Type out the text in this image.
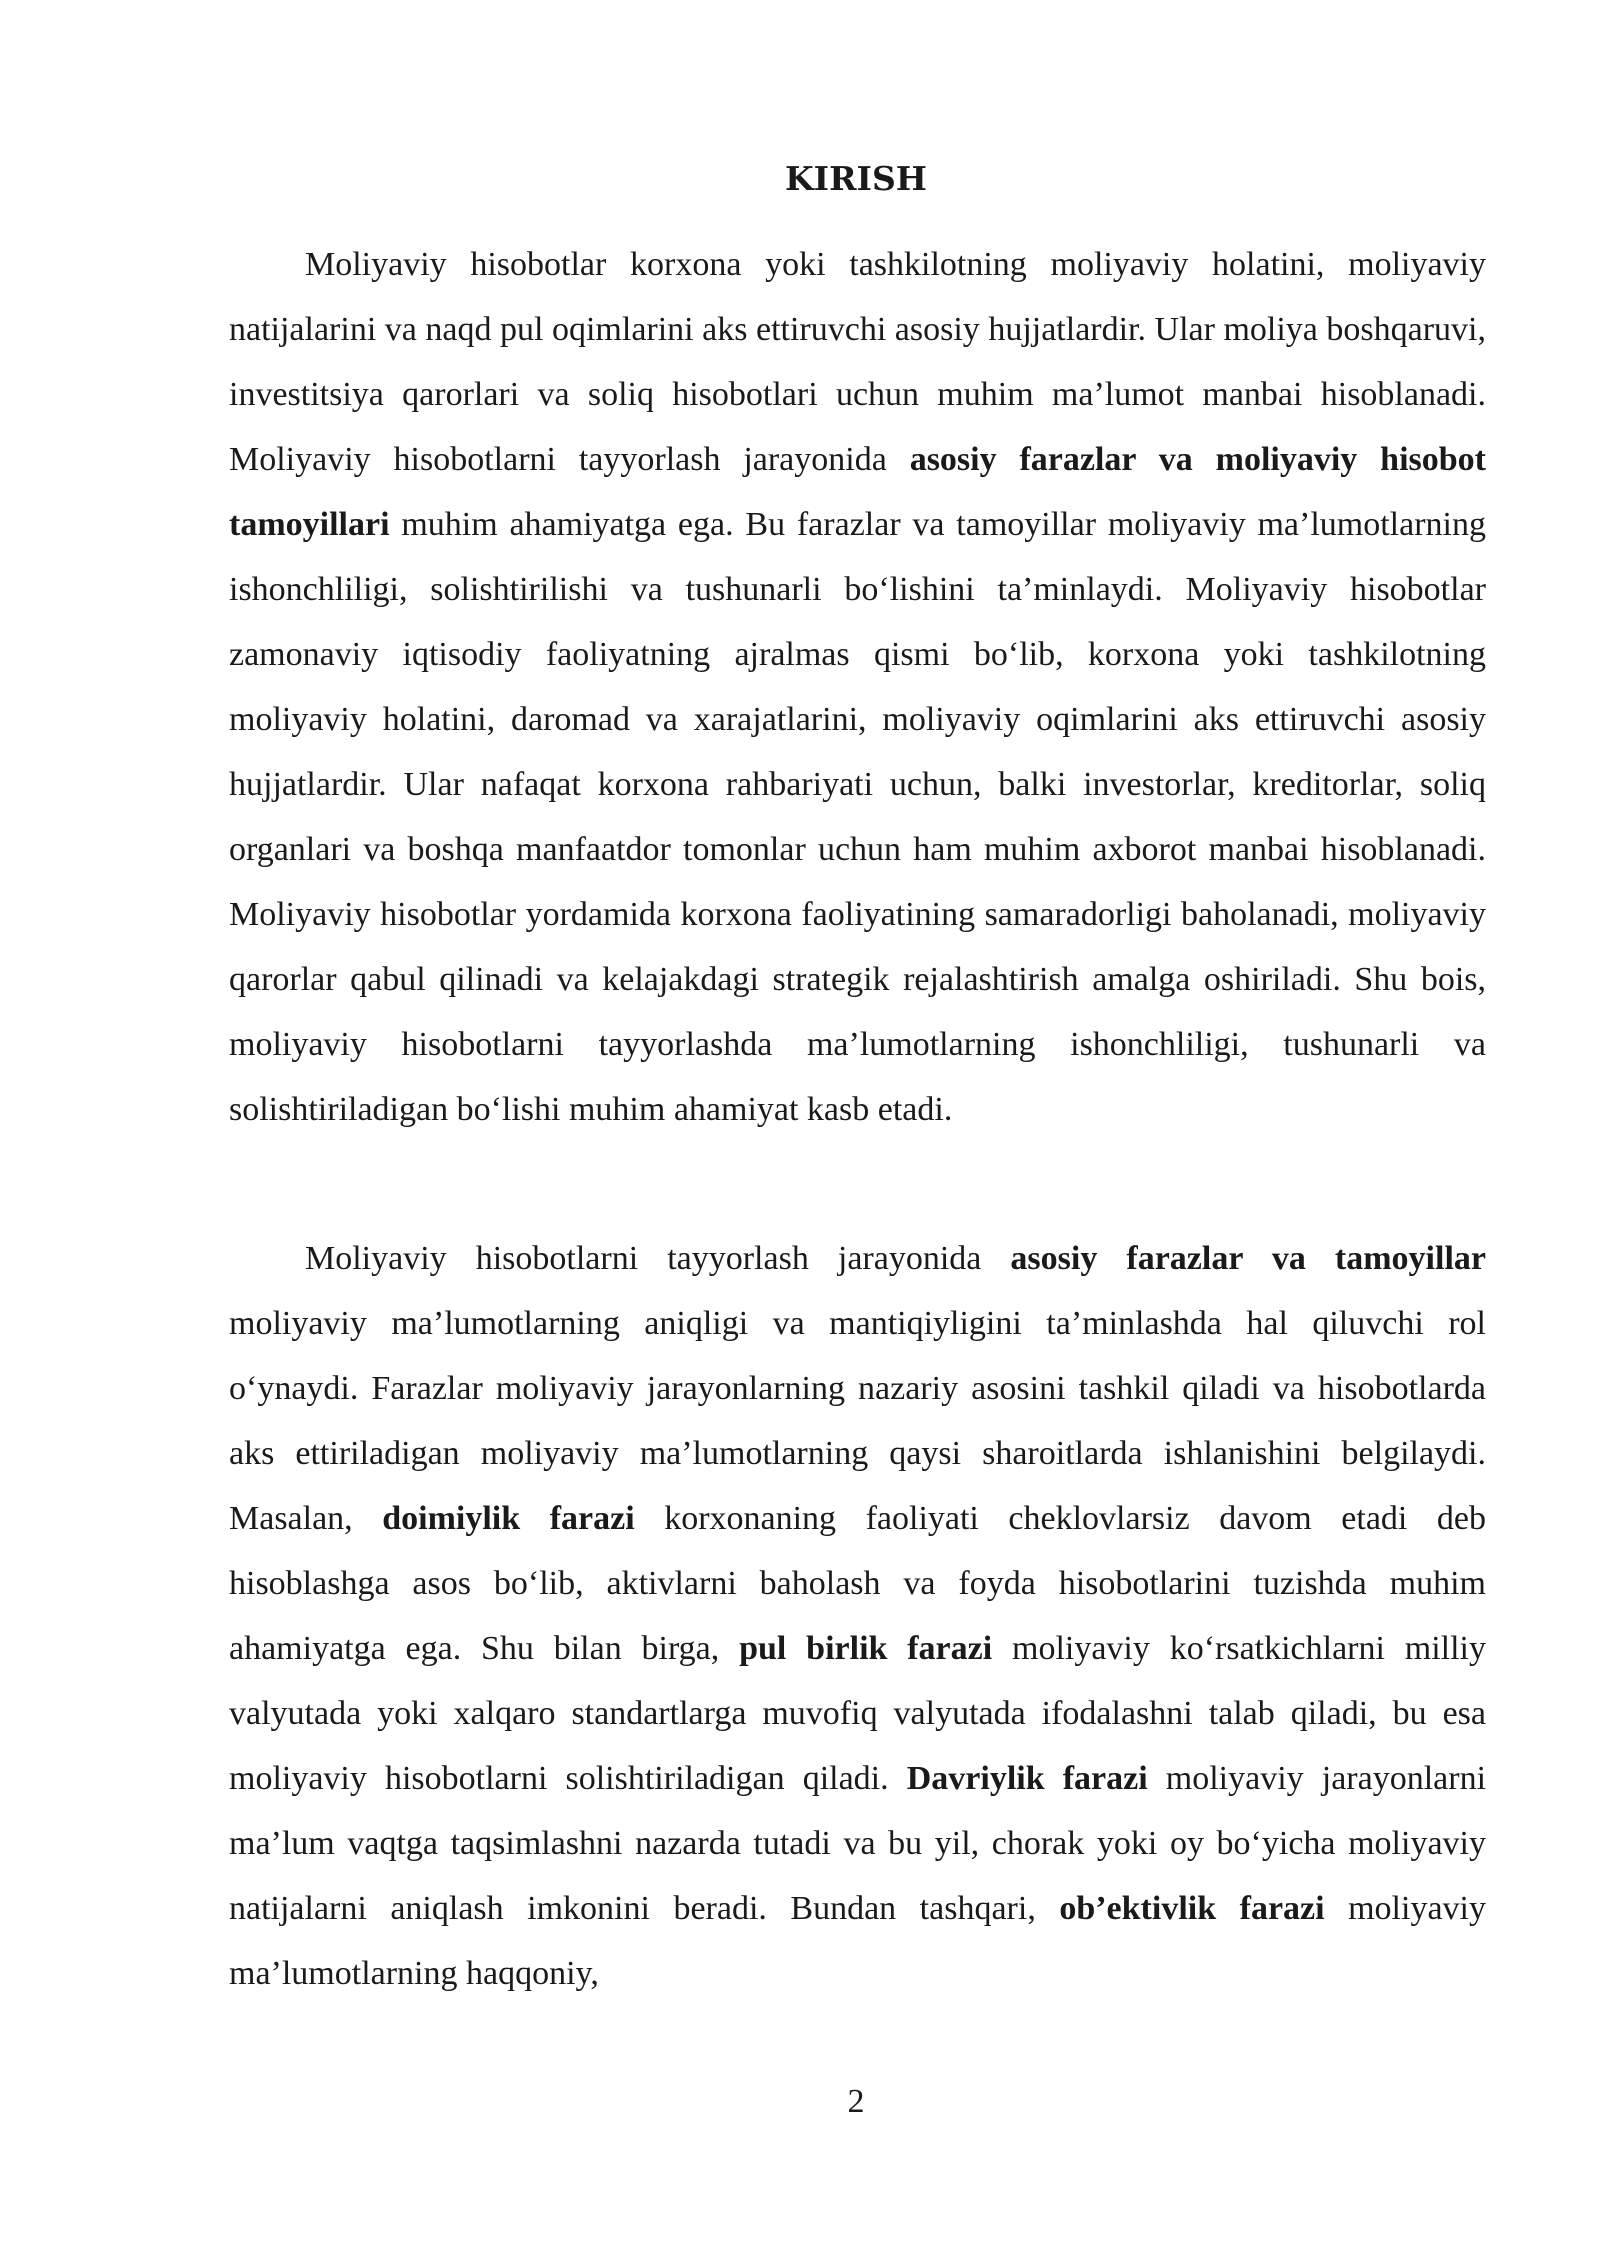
KIRISH

Moliyaviy hisobotlar korxona yoki tashkilotning moliyaviy holatini, moliyaviy natijalarini va naqd pul oqimlarini aks ettiruvchi asosiy hujjatlardir. Ular moliya boshqaruvi, investitsiya qarorlari va soliq hisobotlari uchun muhim ma’lumot manbai hisoblanadi. Moliyaviy hisobotlarni tayyorlash jarayonida asosiy farazlar va moliyaviy hisobot tamoyillari muhim ahamiyatga ega. Bu farazlar va tamoyillar moliyaviy ma’lumotlarning ishonchliligi, solishtirilishi va tushunarli bo‘lishini ta’minlaydi. Moliyaviy hisobotlar zamonaviy iqtisodiy faoliyatning ajralmas qismi bo‘lib, korxona yoki tashkilotning moliyaviy holatini, daromad va xarajatlarini, moliyaviy oqimlarini aks ettiruvchi asosiy hujjatlardir. Ular nafaqat korxona rahbariyati uchun, balki investorlar, kreditorlar, soliq organlari va boshqa manfaatdor tomonlar uchun ham muhim axborot manbai hisoblanadi. Moliyaviy hisobotlar yordamida korxona faoliyatining samaradorligi baholanadi, moliyaviy qarorlar qabul qilinadi va kelajakdagi strategik rejalashtirish amalga oshiriladi. Shu bois, moliyaviy hisobotlarni tayyorlashda ma’lumotlarning ishonchliligi, tushunarli va solishtiriladigan bo‘lishi muhim ahamiyat kasb etadi.

Moliyaviy hisobotlarni tayyorlash jarayonida asosiy farazlar va tamoyillar moliyaviy ma’lumotlarning aniqligi va mantiqiyligini ta’minlashda hal qiluvchi rol o‘ynaydi. Farazlar moliyaviy jarayonlarning nazariy asosini tashkil qiladi va hisobotlarda aks ettiriladigan moliyaviy ma’lumotlarning qaysi sharoitlarda ishlanishini belgilaydi. Masalan, doimiylik farazi korxonaning faoliyati cheklovlarsiz davom etadi deb hisoblashga asos bo‘lib, aktivlarni baholash va foyda hisobotlarini tuzishda muhim ahamiyatga ega. Shu bilan birga, pul birlik farazi moliyaviy ko‘rsatkichlarni milliy valyutada yoki xalqaro standartlarga muvofiq valyutada ifodalashni talab qiladi, bu esa moliyaviy hisobotlarni solishtiriladigan qiladi. Davriylik farazi moliyaviy jarayonlarni ma’lum vaqtga taqsimlashni nazarda tutadi va bu yil, chorak yoki oy bo‘yicha moliyaviy natijalarni aniqlash imkonini beradi. Bundan tashqari, ob’ektivlik farazi moliyaviy ma’lumotlarning haqqoniy,

2
